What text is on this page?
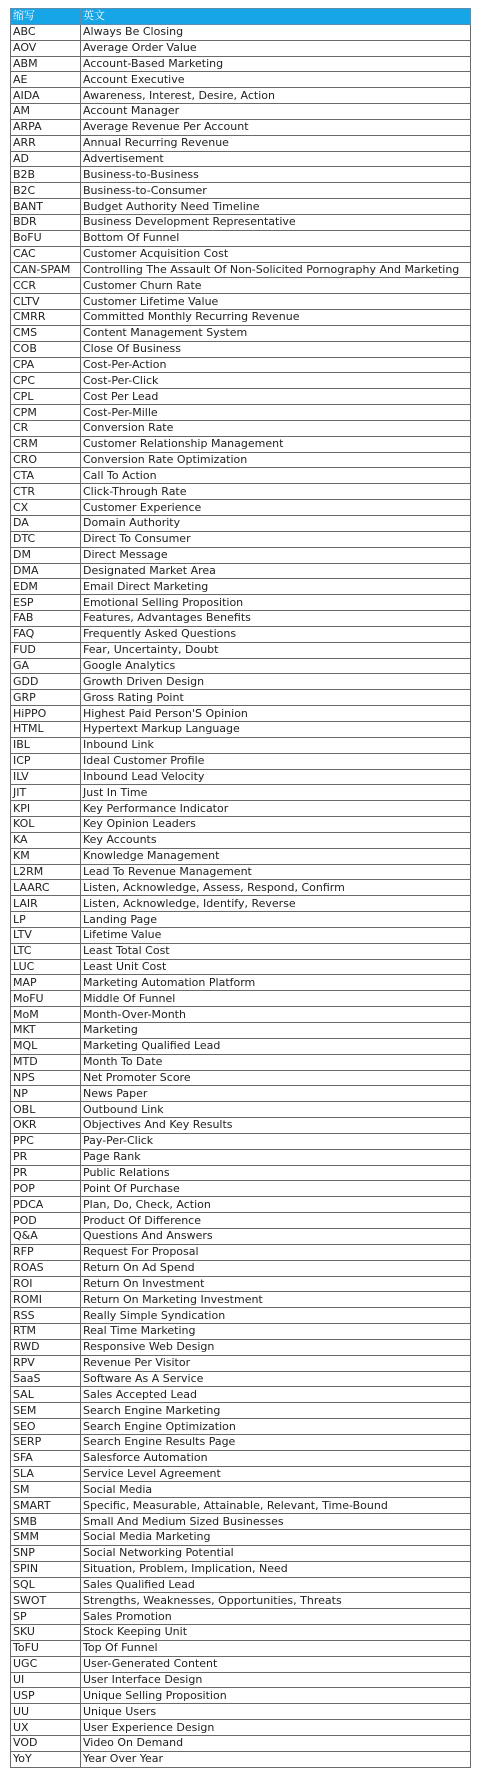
缩写	英文
ABC	Always Be Closing
AOV	Average Order Value
ABM	Account-Based Marketing
AE	Account Executive
AIDA	Awareness, Interest, Desire, Action
AM	Account Manager
ARPA	Average Revenue Per Account
ARR	Annual Recurring Revenue
AD	Advertisement
B2B	Business-to-Business
B2C	Business-to-Consumer
BANT	Budget Authority Need Timeline
BDR	Business Development Representative
BoFU	Bottom Of Funnel
CAC	Customer Acquisition Cost
CAN-SPAM	Controlling The Assault Of Non-Solicited Pornography And Marketing
CCR	Customer Churn Rate
CLTV	Customer Lifetime Value
CMRR	Committed Monthly Recurring Revenue
CMS	Content Management System
COB	Close Of Business
CPA	Cost-Per-Action
CPC	Cost-Per-Click
CPL	Cost Per Lead
CPM	Cost-Per-Mille
CR	Conversion Rate
CRM	Customer Relationship Management
CRO	Conversion Rate Optimization
CTA	Call To Action
CTR	Click-Through Rate
CX	Customer Experience
DA	Domain Authority
DTC	Direct To Consumer
DM	Direct Message
DMA	Designated Market Area
EDM	Email Direct Marketing
ESP	Emotional Selling Proposition
FAB	Features, Advantages Benefits
FAQ	Frequently Asked Questions
FUD	Fear, Uncertainty, Doubt
GA	Google Analytics
GDD	Growth Driven Design
GRP	Gross Rating Point
HiPPO	Highest Paid Person'S Opinion
HTML	Hypertext Markup Language
IBL	Inbound Link
ICP	Ideal Customer Profile
ILV	Inbound Lead Velocity
JIT	Just In Time
KPI	Key Performance Indicator
KOL	Key Opinion Leaders
KA	Key Accounts
KM	Knowledge Management
L2RM	Lead To Revenue Management
LAARC	Listen, Acknowledge, Assess, Respond, Confirm
LAIR	Listen, Acknowledge, Identify, Reverse
LP	Landing Page
LTV	Lifetime Value
LTC	Least Total Cost
LUC	Least Unit Cost
MAP	Marketing Automation Platform
MoFU	Middle Of Funnel
MoM	Month-Over-Month
MKT	Marketing
MQL	Marketing Qualified Lead
MTD	Month To Date
NPS	Net Promoter Score
NP	News Paper
OBL	Outbound Link
OKR	Objectives And Key Results
PPC	Pay-Per-Click
PR	Page Rank
PR	Public Relations
POP	Point Of Purchase
PDCA	Plan, Do, Check, Action
POD	Product Of Difference
Q&A	Questions And Answers
RFP	Request For Proposal
ROAS	Return On Ad Spend
ROI	Return On Investment
ROMI	Return On Marketing Investment
RSS	Really Simple Syndication
RTM	Real Time Marketing
RWD	Responsive Web Design
RPV	Revenue Per Visitor
SaaS	Software As A Service
SAL	Sales Accepted Lead
SEM	Search Engine Marketing
SEO	Search Engine Optimization
SERP	Search Engine Results Page
SFA	Salesforce Automation
SLA	Service Level Agreement
SM	Social Media
SMART	Specific, Measurable, Attainable, Relevant, Time-Bound
SMB	Small And Medium Sized Businesses
SMM	Social Media Marketing
SNP	Social Networking Potential
SPIN	Situation, Problem, Implication, Need
SQL	Sales Qualified Lead
SWOT	Strengths, Weaknesses, Opportunities, Threats
SP	Sales Promotion
SKU	Stock Keeping Unit
ToFU	Top Of Funnel
UGC	User-Generated Content
UI	User Interface Design
USP	Unique Selling Proposition
UU	Unique Users
UX	User Experience Design
VOD	Video On Demand
YoY	Year Over Year
